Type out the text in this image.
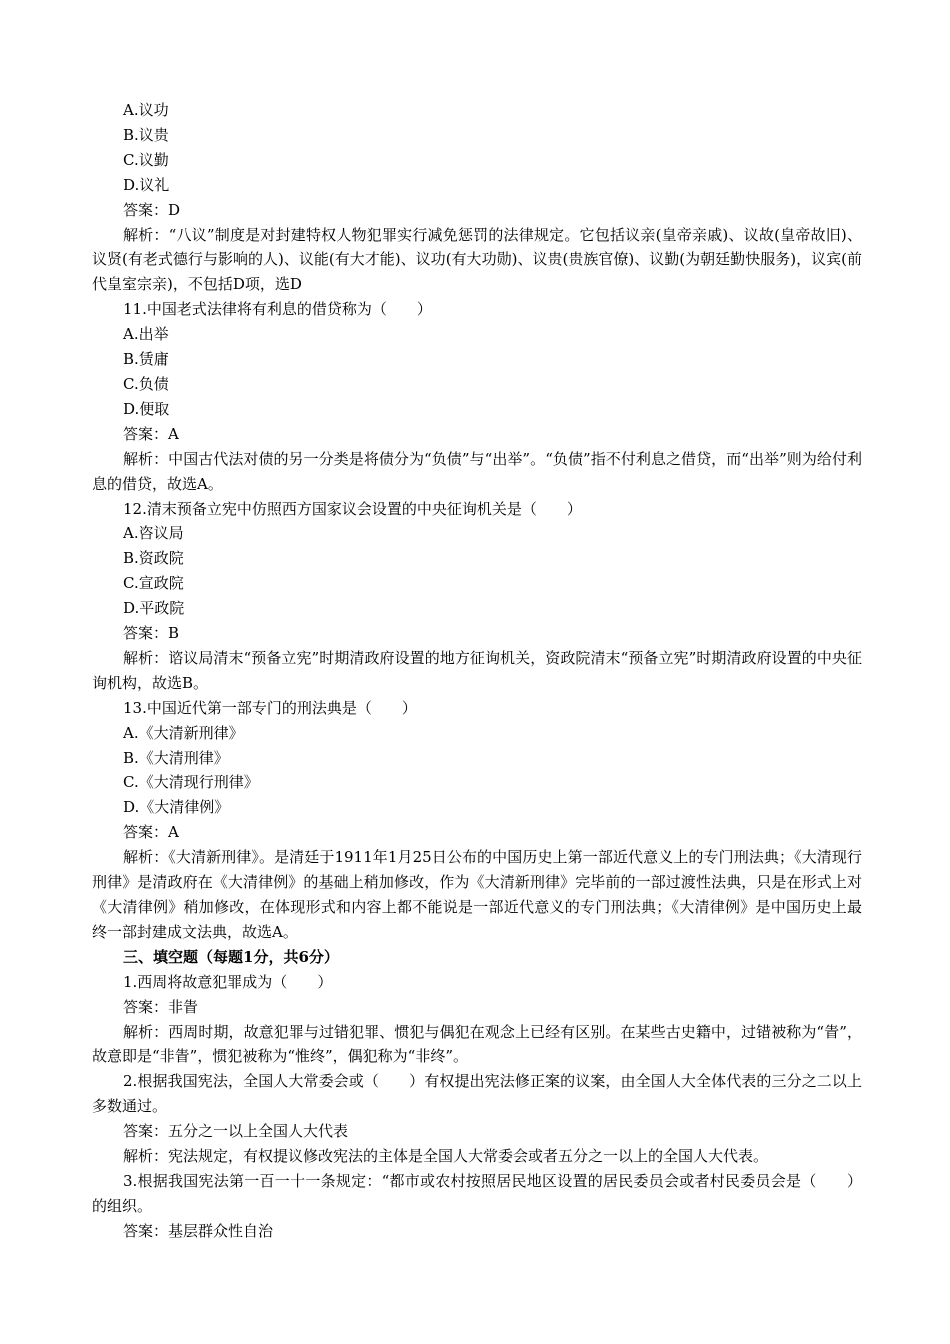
A.议功

B.议贵

C.议勤

D.议礼

答案：D

解析：“八议”制度是对封建特权人物犯罪实行减免惩罚的法律规定。它包括议亲(皇帝亲戚)、议故(皇帝故旧)、议贤(有老式德行与影响的人)、议能(有大才能)、议功(有大功勋)、议贵(贵族官僚)、议勤(为朝廷勤快服务)，议宾(前代皇室宗亲)，不包括D项，选D

11.中国老式法律将有利息的借贷称为（　　）

A.出举

B.赁庸

C.负债

D.便取

答案：A

解析：中国古代法对债的另一分类是将债分为“负债”与“出举”。“负债”指不付利息之借贷，而“出举”则为给付利息的借贷，故选A。

12.清末预备立宪中仿照西方国家议会设置的中央征询机关是（　　）

A.咨议局

B.资政院

C.宣政院

D.平政院

答案：B

解析：谘议局清末“预备立宪”时期清政府设置的地方征询机关，资政院清末“预备立宪”时期清政府设置的中央征询机构，故选B。

13.中国近代第一部专门的刑法典是（　　）

A.《大清新刑律》

B.《大清刑律》

C.《大清现行刑律》

D.《大清律例》

答案：A

解析：《大清新刑律》。是清廷于1911年1月25日公布的中国历史上第一部近代意义上的专门刑法典；《大清现行刑律》是清政府在《大清律例》的基础上稍加修改，作为《大清新刑律》完毕前的一部过渡性法典，只是在形式上对《大清律例》稍加修改，在体现形式和内容上都不能说是一部近代意义的专门刑法典；《大清律例》是中国历史上最终一部封建成文法典，故选A。

三、填空题（每题1分，共6分）

1.西周将故意犯罪成为（　　）

答案：非眚

解析：西周时期，故意犯罪与过错犯罪、惯犯与偶犯在观念上已经有区别。在某些古史籍中，过错被称为“眚”，故意即是“非眚”，惯犯被称为“惟终”，偶犯称为“非终”。

2.根据我国宪法，全国人大常委会或（　　）有权提出宪法修正案的议案，由全国人大全体代表的三分之二以上多数通过。

答案：五分之一以上全国人大代表

解析：宪法规定，有权提议修改宪法的主体是全国人大常委会或者五分之一以上的全国人大代表。

3.根据我国宪法第一百一十一条规定：“都市或农村按照居民地区设置的居民委员会或者村民委员会是（　　）的组织。

答案：基层群众性自治
